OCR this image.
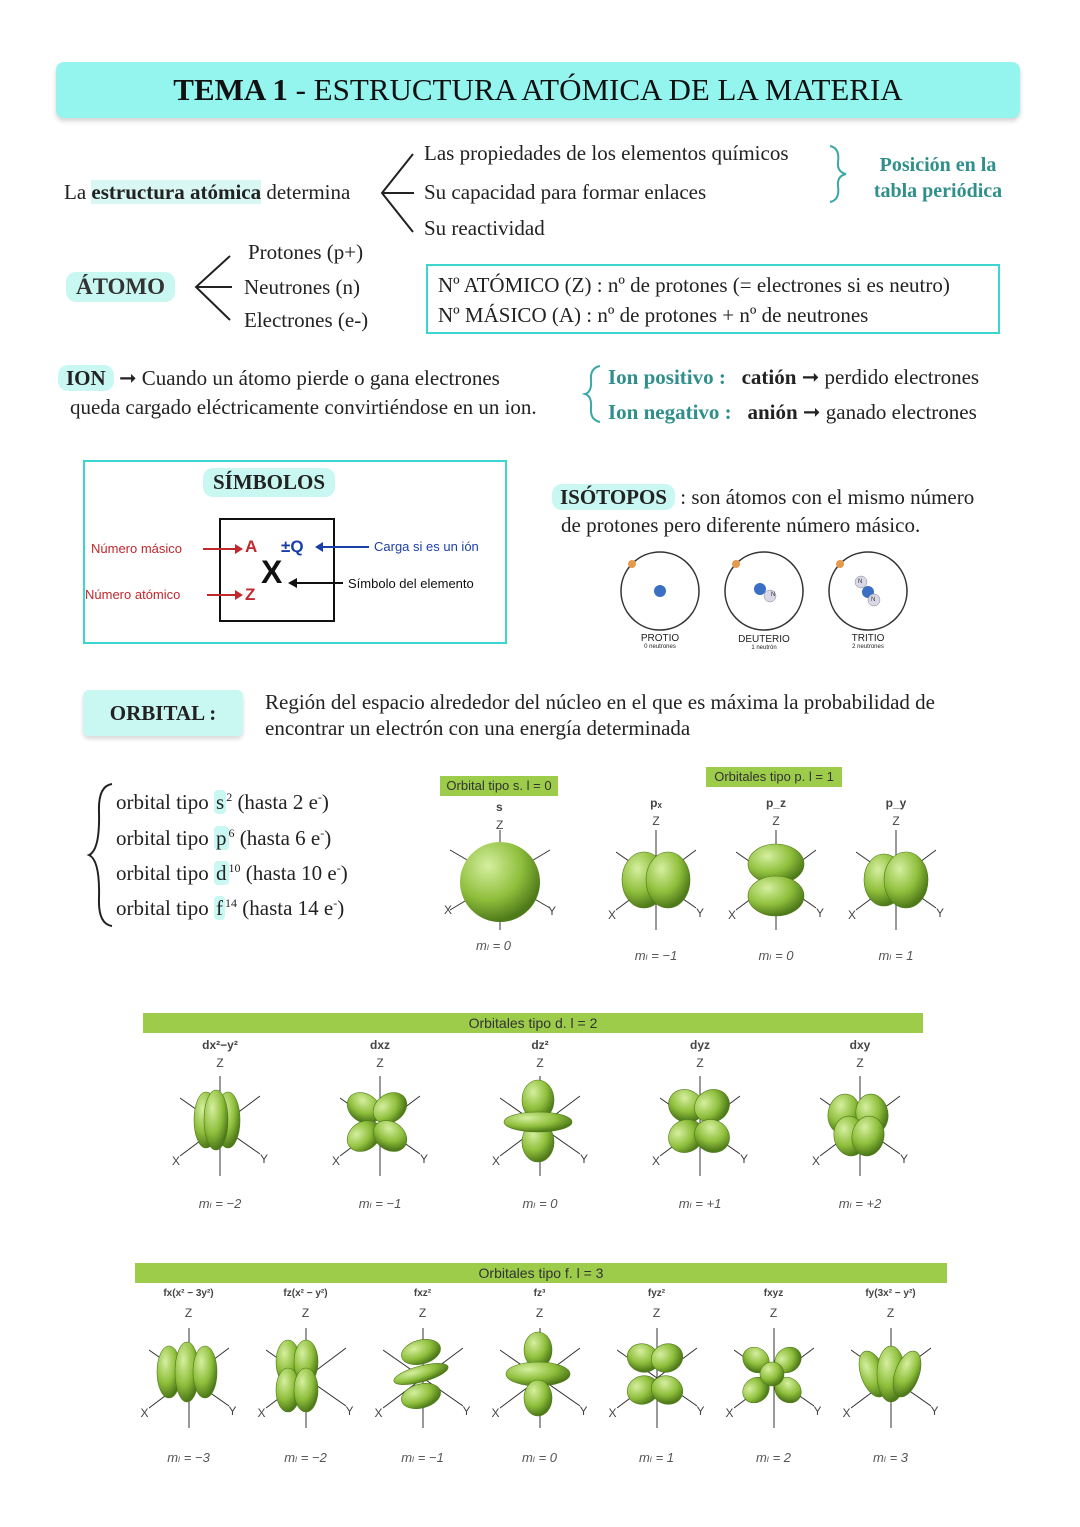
TEMA 1 - ESTRUCTURA ATÓMICA DE LA MATERIA
La estructura atómica determina
Las propiedades de los elementos químicos
Su capacidad para formar enlaces
Su reactividad
Posición en la
tabla periódica
ÁTOMO
Protones (p+)
Neutrones (n)
Electrones (e-)
Nº ATÓMICO (Z) : nº de protones (= electrones si es neutro)
Nº MÁSICO (A) : nº de protones + nº de neutrones
ION ➞ Cuando un átomo pierde o gana electrones
queda cargado eléctricamente convirtiéndose en un ion.
Ion positivo : catión ➞ perdido electrones
Ion negativo : anión ➞ ganado electrones
SÍMBOLOS
Número másico
Número atómico
A ±Q
X
Z
Carga si es un ión
Símbolo del elemento
ISÓTOPOS : son átomos con el mismo número
de protones pero diferente número másico.
N
N
N
PROTIO
0 neutrones
DEUTERIO
1 neutrón
TRITIO
2 neutrones
ORBITAL :	Región del espacio alrededor del núcleo en el que es máxima la probabilidad de
encontrar un electrón con una energía determinada
orbital tipo s $^2$ (hasta 2 e-)
orbital tipo p $^6$ (hasta 6 e-)
orbital tipo d $^{10}$ (hasta 10 e-)
orbital tipo f $^{14}$ (hasta 14 e-)
Orbital tipo s. l = 0
s
Z
X	Y
mₗ = 0
Orbitales tipo p. l = 1
pₓ
Z
X	Y
mₗ = −1
p_z
Z
X	Y
mₗ = 0
p_y
Z
X	Y
mₗ = 1
Orbitales tipo d. l = 2
dx²−y²
Z
X	Y
mₗ = −2
dxz
Z
X	Y
mₗ = −1
dz²
Z
X	Y
mₗ = 0
dyz
Z
X	Y
mₗ = +1
dxy
Z
X	Y
mₗ = +2
Orbitales tipo f. l = 3
fx(x² − 3y²)
Z
X	Y
mₗ = −3
fz(x² − y²)
Z
X	Y
mₗ = −2
fxz²
Z
X	Y
mₗ = −1
fz³
Z
X	Y
mₗ = 0
fyz²
Z
X	Y
mₗ = 1
fxyz
Z
X	Y
mₗ = 2
fy(3x² − y²)
Z
X	Y
mₗ = 3
